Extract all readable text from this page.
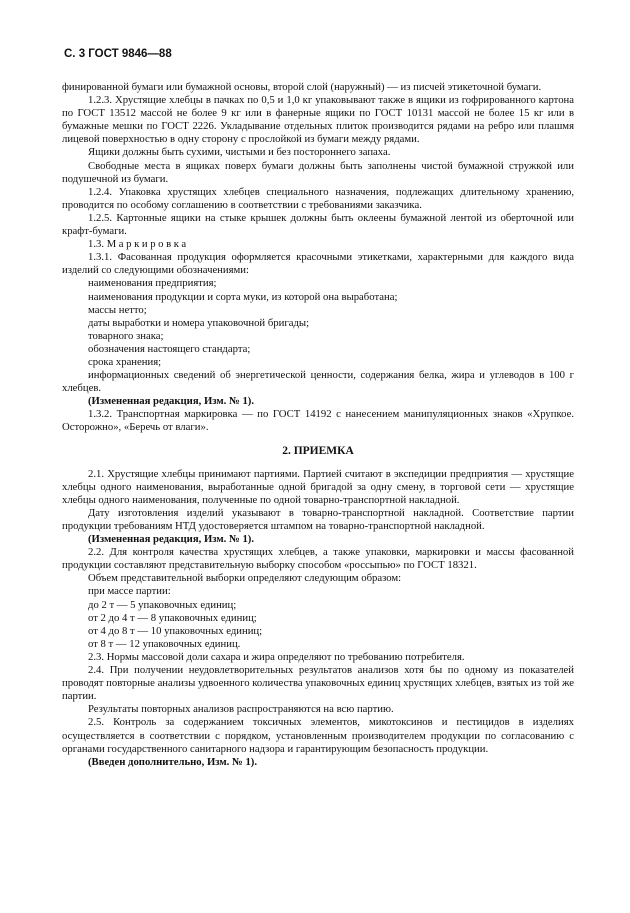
С. 3 ГОСТ 9846—88

финированной бумаги или бумажной основы, второй слой (наружный) — из писчей этикеточной бумаги.

1.2.3. Хрустящие хлебцы в пачках по 0,5 и 1,0 кг упаковывают также в ящики из гофрированного картона по ГОСТ 13512 массой не более 9 кг или в фанерные ящики по ГОСТ 10131 массой не более 15 кг или в бумажные мешки по ГОСТ 2226. Укладывание отдельных плиток производится рядами на ребро или плашмя лицевой поверхностью в одну сторону с прослойкой из бумаги между рядами.

Ящики должны быть сухими, чистыми и без постороннего запаха.

Свободные места в ящиках поверх бумаги должны быть заполнены чистой бумажной стружкой или подушечной из бумаги.

1.2.4. Упаковка хрустящих хлебцев специального назначения, подлежащих длительному хранению, проводится по особому соглашению в соответствии с требованиями заказчика.

1.2.5. Картонные ящики на стыке крышек должны быть оклеены бумажной лентой из оберточной или крафт-бумаги.

1.3. Маркировка

1.3.1. Фасованная продукция оформляется красочными этикетками, характерными для каждого вида изделий со следующими обозначениями:

наименования предприятия;

наименования продукции и сорта муки, из которой она выработана;

массы нетто;

даты выработки и номера упаковочной бригады;

товарного знака;

обозначения настоящего стандарта;

срока хранения;

информационных сведений об энергетической ценности, содержания белка, жира и углеводов в 100 г хлебцев.

(Измененная редакция, Изм. № 1).

1.3.2. Транспортная маркировка — по ГОСТ 14192 с нанесением манипуляционных знаков «Хрупкое. Осторожно», «Беречь от влаги».

2. ПРИЕМКА

2.1. Хрустящие хлебцы принимают партиями. Партией считают в экспедиции предприятия — хрустящие хлебцы одного наименования, выработанные одной бригадой за одну смену, в торговой сети — хрустящие хлебцы одного наименования, полученные по одной товарно-транспортной накладной.

Дату изготовления изделий указывают в товарно-транспортной накладной. Соответствие партии продукции требованиям НТД удостоверяется штампом на товарно-транспортной накладной.

(Измененная редакция, Изм. № 1).

2.2. Для контроля качества хрустящих хлебцев, а также упаковки, маркировки и массы фасованной продукции составляют представительную выборку способом «россыпью» по ГОСТ 18321.

Объем представительной выборки определяют следующим образом:

при массе партии:

до 2 т — 5 упаковочных единиц;

от 2 до 4 т — 8 упаковочных единиц;

от 4 до 8 т — 10 упаковочных единиц;

от 8 т — 12 упаковочных единиц.

2.3. Нормы массовой доли сахара и жира определяют по требованию потребителя.

2.4. При получении неудовлетворительных результатов анализов хотя бы по одному из показателей проводят повторные анализы удвоенного количества упаковочных единиц хрустящих хлебцев, взятых из той же партии.

Результаты повторных анализов распространяются на всю партию.

2.5. Контроль за содержанием токсичных элементов, микотоксинов и пестицидов в изделиях осуществляется в соответствии с порядком, установленным производителем продукции по согласованию с органами государственного санитарного надзора и гарантирующим безопасность продукции.

(Введен дополнительно, Изм. № 1).
